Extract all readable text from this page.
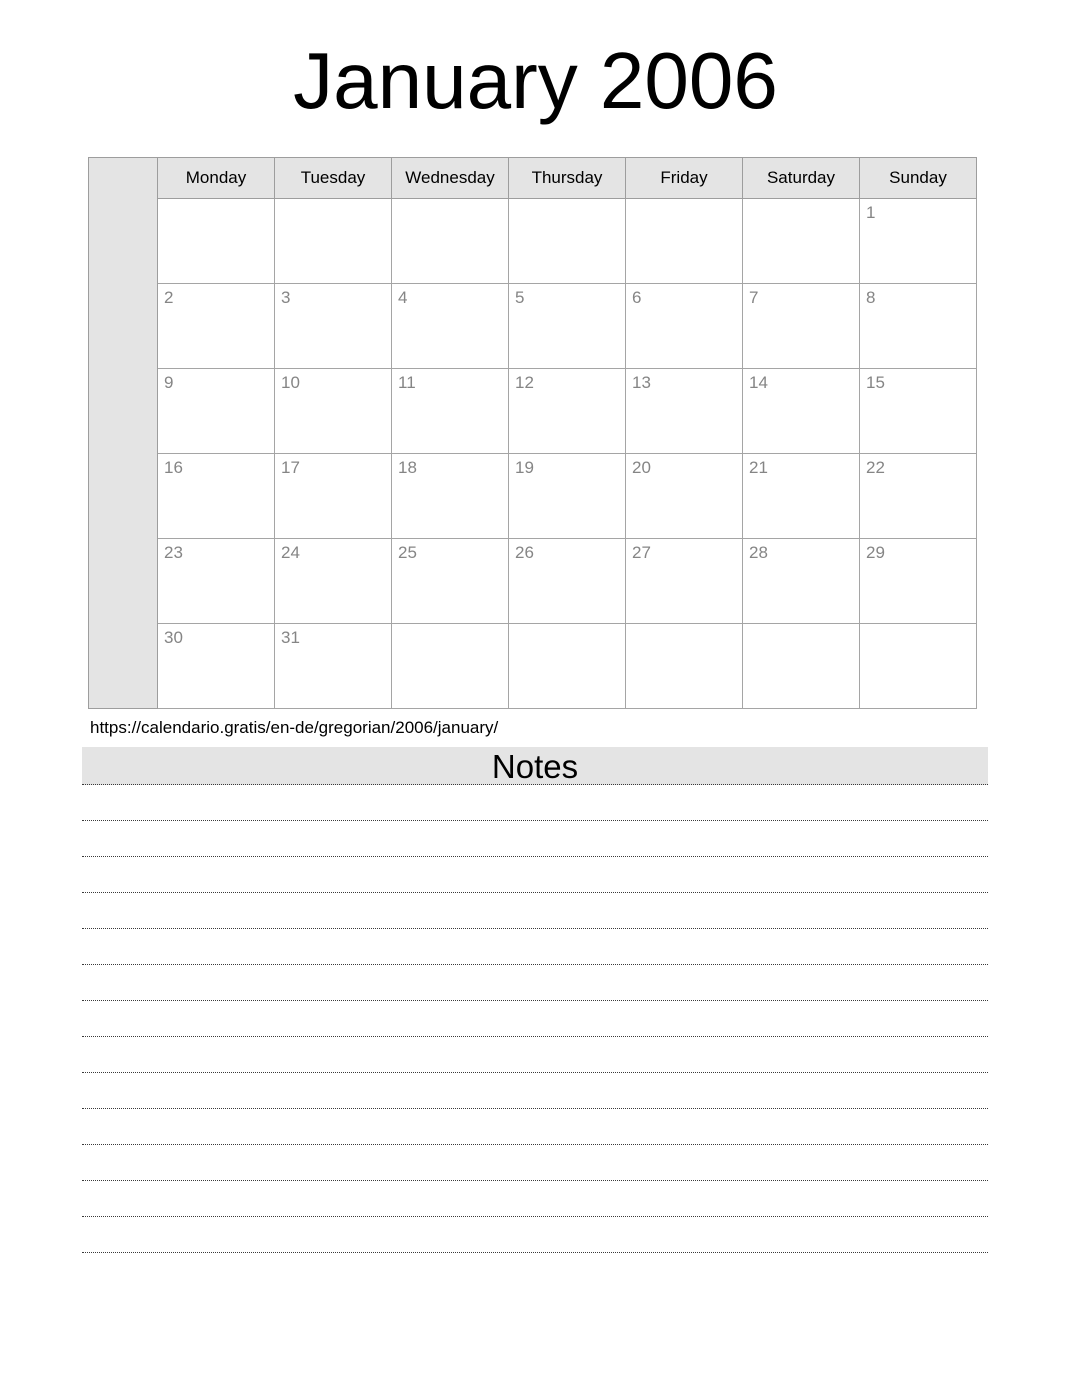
January 2006
	Monday	Tuesday	Wednesday	Thursday	Friday	Saturday	Sunday

							1

	2	3	4	5	6	7	8

	9	10	11	12	13	14	15

	16	17	18	19	20	21	22

	23	24	25	26	27	28	29

	30	31					

https://calendario.gratis/en-de/gregorian/2006/january/
Notes
